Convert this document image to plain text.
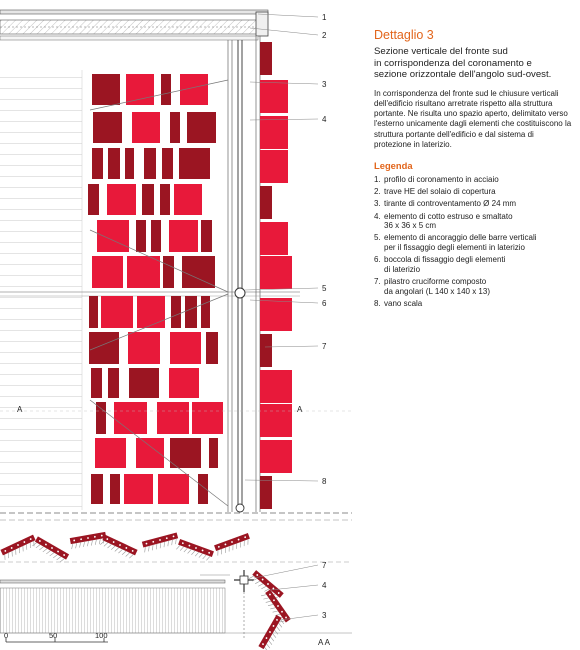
A	A
1
2
3
4
5
6
7
8
7
4
3
0	50	100
A A
Dettaglio 3

Sezione verticale del fronte sud
in corrispondenza del coronamento e
sezione orizzontale dell'angolo sud-ovest.

In corrispondenza del fronte sud le chiusure verticali dell'edificio risultano arretrate rispetto alla struttura portante. Ne risulta uno spazio aperto, delimitato verso l'esterno unicamente dagli elementi che costituiscono la struttura portante dell'edificio e dal sistema di protezione in laterizio.

Legenda
1. profilo di coronamento in acciaio
2. trave HE del solaio di copertura
3. tirante di controventamento Ø 24 mm
4. elemento di cotto estruso e smaltato
36 x 36 x 5 cm
5. elemento di ancoraggio delle barre verticali
per il fissaggio degli elementi in laterizio
6. boccola di fissaggio degli elementi
di laterizio
7. pilastro cruciforme composto
da angolari (L 140 x 140 x 13)
8. vano scala
